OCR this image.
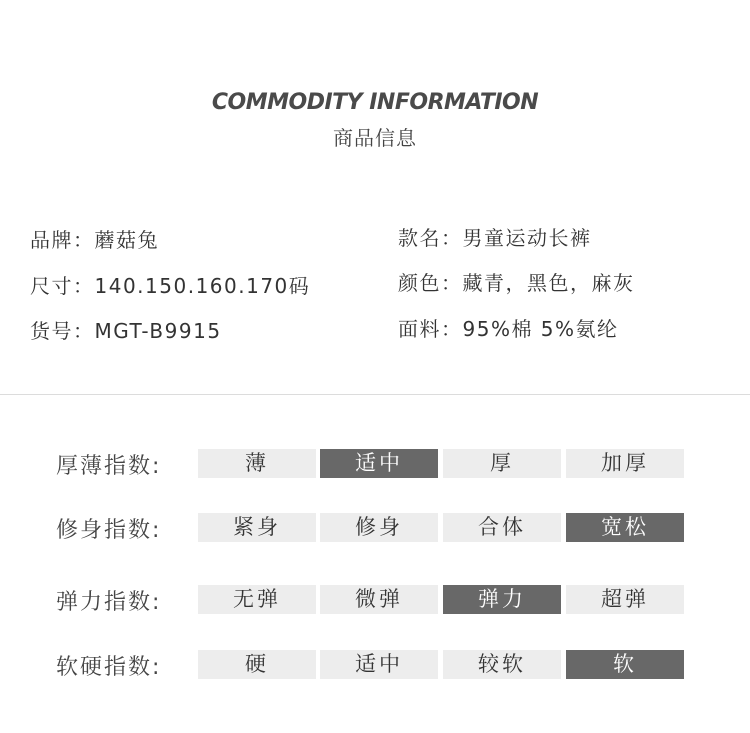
COMMODITY INFORMATION
商品信息
品牌：蘑菇兔
尺寸：140.150.160.170码
货号：MGT-B9915
款名：男童运动长裤
颜色：藏青，黑色，麻灰
面料：95%棉 5%氨纶
厚薄指数:	薄	适中	厚	加厚
修身指数:	紧身	修身	合体	宽松
弹力指数:	无弹	微弹	弹力	超弹
软硬指数:	硬	适中	较软	软
